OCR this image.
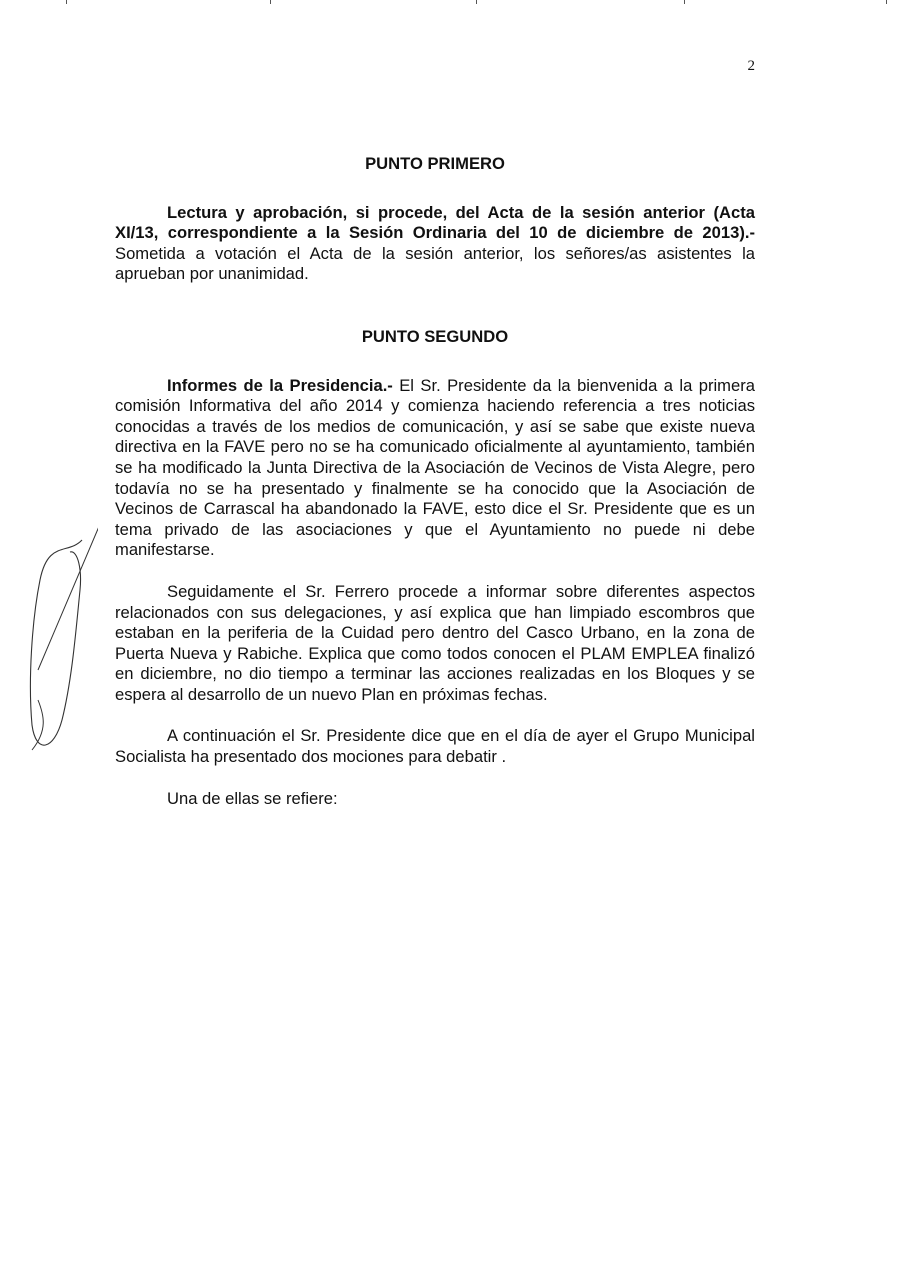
2

PUNTO PRIMERO

Lectura y aprobación, si procede, del Acta de la sesión anterior (Acta XI/13, correspondiente a la Sesión Ordinaria del 10 de diciembre de 2013).- Sometida a votación el Acta de la sesión anterior, los señores/as asistentes la aprueban por unanimidad.

PUNTO SEGUNDO

Informes de la Presidencia.- El Sr. Presidente da la bienvenida a la primera comisión Informativa del año 2014 y comienza haciendo referencia a tres noticias conocidas a través de los medios de comunicación, y así se sabe que existe nueva directiva en la FAVE pero no se ha comunicado oficialmente al ayuntamiento, también se ha modificado la Junta Directiva de la Asociación de Vecinos de Vista Alegre, pero todavía no se ha presentado y finalmente se ha conocido que la Asociación de Vecinos de Carrascal ha abandonado la FAVE, esto dice el Sr. Presidente que es un tema privado de las asociaciones y que el Ayuntamiento no puede ni debe manifestarse.

Seguidamente el Sr. Ferrero procede a informar sobre diferentes aspectos relacionados con sus delegaciones, y así explica que han limpiado escombros que estaban en la periferia de la Cuidad pero dentro del Casco Urbano, en la zona de Puerta Nueva y Rabiche. Explica que como todos conocen el PLAM EMPLEA finalizó en diciembre, no dio tiempo a terminar las acciones realizadas en los Bloques y se espera al desarrollo de un nuevo Plan en próximas fechas.

A continuación el Sr. Presidente dice que en el día de ayer el Grupo Municipal Socialista ha presentado dos mociones para debatir .

Una de ellas se refiere:
